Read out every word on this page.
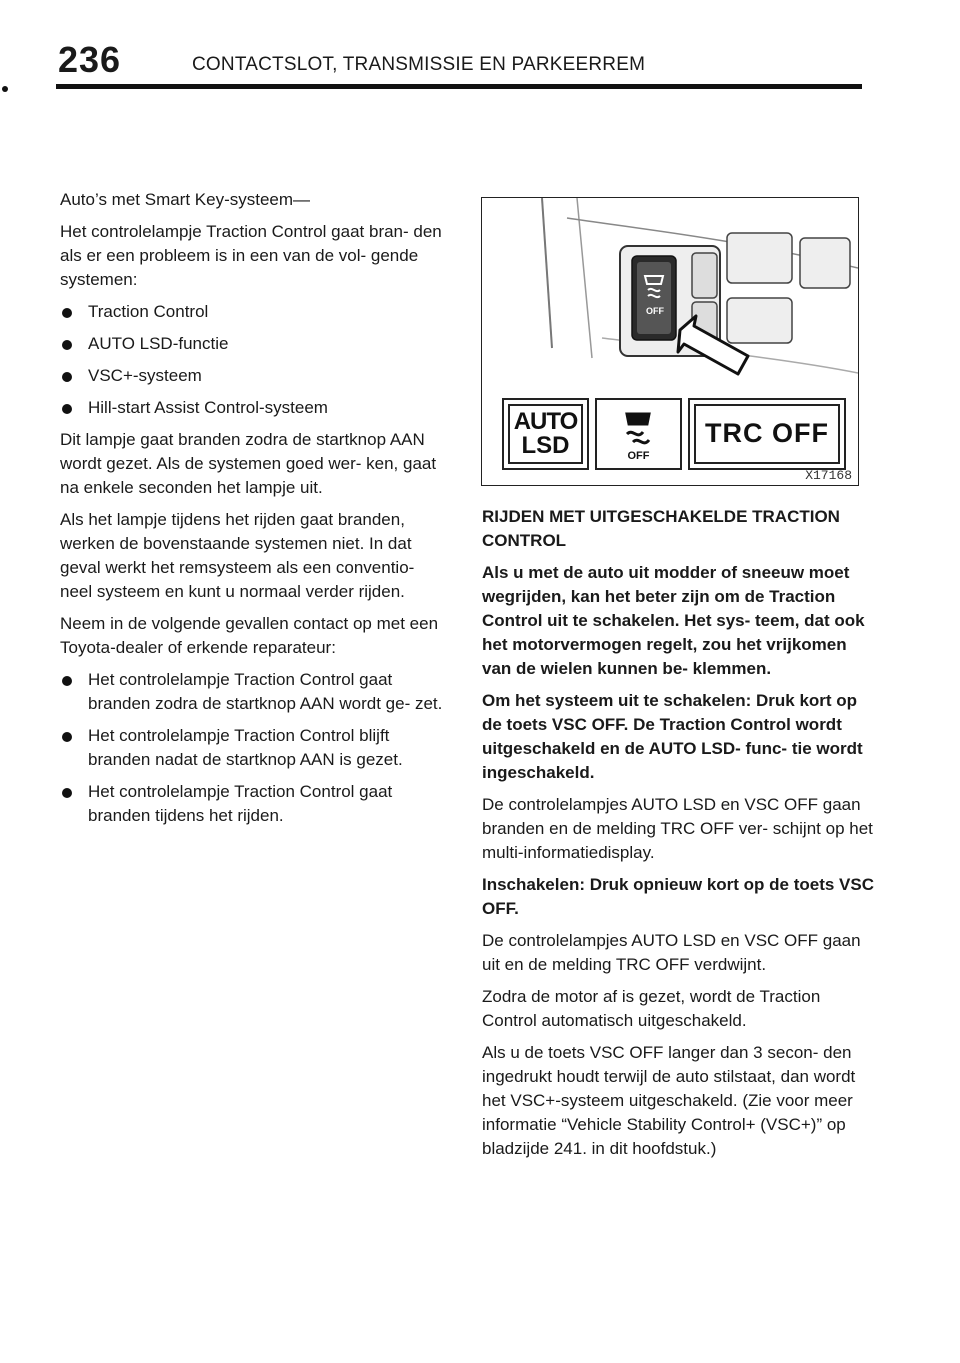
236	CONTACTSLOT, TRANSMISSIE EN PARKEERREM

Auto’s met Smart Key‑systeem—

Het controlelampje Traction Control gaat bran- den als er een probleem is in een van de vol- gende systemen:

Traction Control
AUTO LSD‑functie
VSC+‑systeem
Hill‑start Assist Control‑systeem

Dit lampje gaat branden zodra de startknop AAN wordt gezet. Als de systemen goed wer- ken, gaat na enkele seconden het lampje uit.

Als het lampje tijdens het rijden gaat branden, werken de bovenstaande systemen niet. In dat geval werkt het remsysteem als een conventio- neel systeem en kunt u normaal verder rijden.

Neem in de volgende gevallen contact op met een Toyota‑dealer of erkende reparateur:

Het controlelampje Traction Control gaat branden zodra de startknop AAN wordt ge- zet.
Het controlelampje Traction Control blijft branden nadat de startknop AAN is gezet.
Het controlelampje Traction Control gaat branden tijdens het rijden.
OFF
AUTO
LSD	OFF
TRC OFF
X17168

RIJDEN MET UITGESCHAKELDE TRACTION CONTROL

Als u met de auto uit modder of sneeuw moet wegrijden, kan het beter zijn om de Traction Control uit te schakelen. Het sys- teem, dat ook het motorvermogen regelt, zou het vrijkomen van de wielen kunnen be- klemmen.

Om het systeem uit te schakelen: Druk kort op de toets VSC OFF. De Traction Control wordt uitgeschakeld en de AUTO LSD‑ func- tie wordt ingeschakeld.

De controlelampjes AUTO LSD en VSC OFF gaan branden en de melding TRC OFF ver- schijnt op het multi‑informatiedisplay.

Inschakelen: Druk opnieuw kort op de toets VSC OFF.

De controlelampjes AUTO LSD en VSC OFF gaan uit en de melding TRC OFF verdwijnt.

Zodra de motor af is gezet, wordt de Traction Control automatisch uitgeschakeld.

Als u de toets VSC OFF langer dan 3 secon- den ingedrukt houdt terwijl de auto stilstaat, dan wordt het VSC+‑systeem uitgeschakeld. (Zie voor meer informatie “Vehicle Stability Control+ (VSC+)” op bladzijde 241. in dit hoofdstuk.)
